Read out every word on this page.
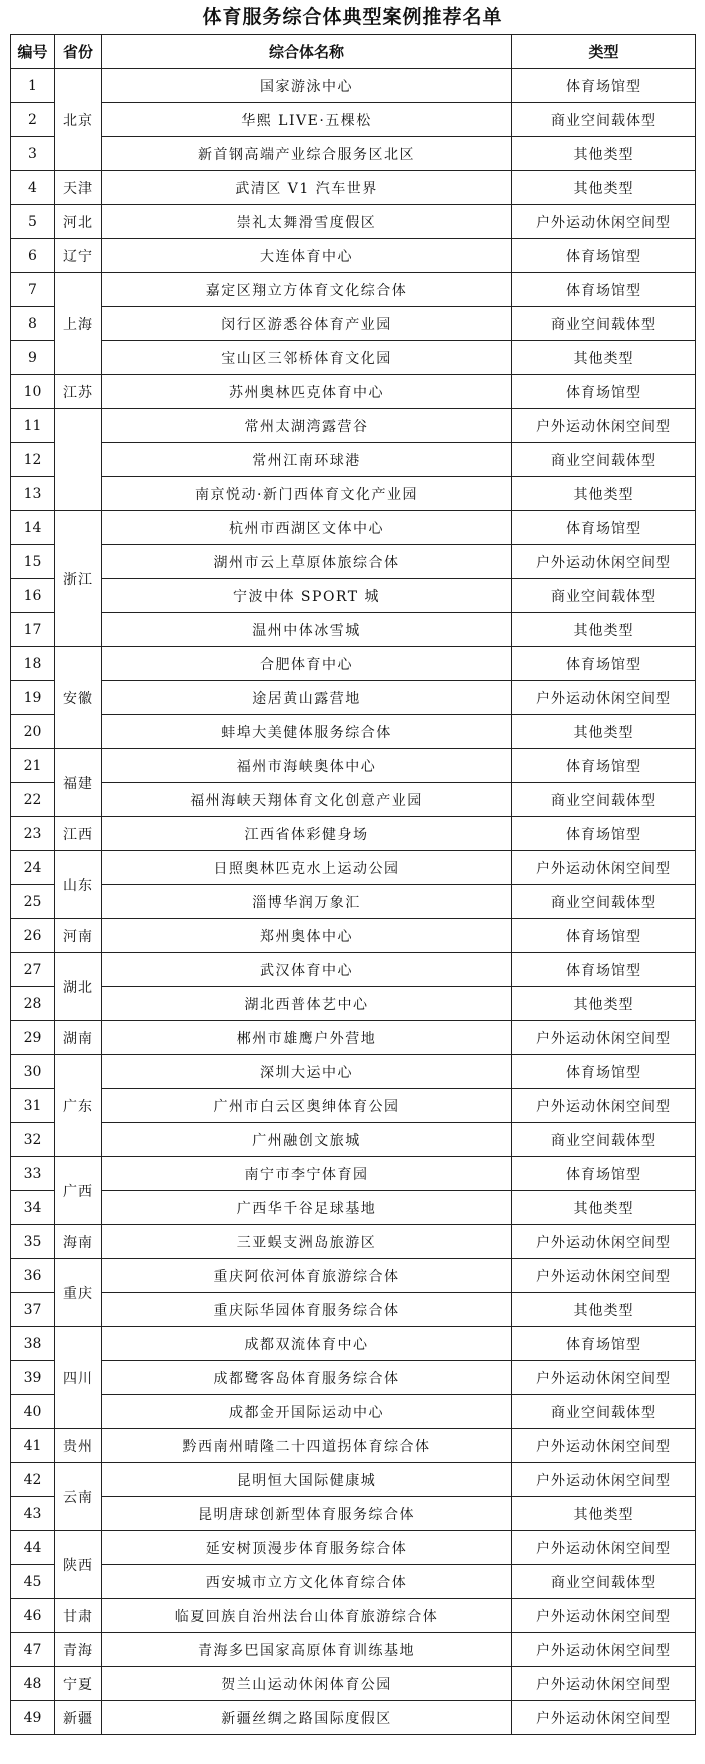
体育服务综合体典型案例推荐名单
编号	省份	综合体名称	类型
1	北京	国家游泳中心	体育场馆型
2		华熙 LIVE·五棵松	商业空间载体型
3		新首钢高端产业综合服务区北区	其他类型
4	天津	武清区 V1 汽车世界	其他类型
5	河北	崇礼太舞滑雪度假区	户外运动休闲空间型
6	辽宁	大连体育中心	体育场馆型
7	上海	嘉定区翔立方体育文化综合体	体育场馆型
8		闵行区游悉谷体育产业园	商业空间载体型
9		宝山区三邻桥体育文化园	其他类型
10	江苏	苏州奥林匹克体育中心	体育场馆型
11		常州太湖湾露营谷	户外运动休闲空间型
12		常州江南环球港	商业空间载体型
13		南京悦动·新门西体育文化产业园	其他类型
14	浙江	杭州市西湖区文体中心	体育场馆型
15		湖州市云上草原体旅综合体	户外运动休闲空间型
16		宁波中体 SPORT 城	商业空间载体型
17		温州中体冰雪城	其他类型
18	安徽	合肥体育中心	体育场馆型
19		途居黄山露营地	户外运动休闲空间型
20		蚌埠大美健体服务综合体	其他类型
21	福建	福州市海峡奥体中心	体育场馆型
22		福州海峡天翔体育文化创意产业园	商业空间载体型
23	江西	江西省体彩健身场	体育场馆型
24	山东	日照奥林匹克水上运动公园	户外运动休闲空间型
25		淄博华润万象汇	商业空间载体型
26	河南	郑州奥体中心	体育场馆型
27	湖北	武汉体育中心	体育场馆型
28		湖北西普体艺中心	其他类型
29	湖南	郴州市雄鹰户外营地	户外运动休闲空间型
30	广东	深圳大运中心	体育场馆型
31		广州市白云区奥绅体育公园	户外运动休闲空间型
32		广州融创文旅城	商业空间载体型
33	广西	南宁市李宁体育园	体育场馆型
34		广西华千谷足球基地	其他类型
35	海南	三亚蜈支洲岛旅游区	户外运动休闲空间型
36	重庆	重庆阿依河体育旅游综合体	户外运动休闲空间型
37		重庆际华园体育服务综合体	其他类型
38	四川	成都双流体育中心	体育场馆型
39		成都鹭客岛体育服务综合体	户外运动休闲空间型
40		成都金开国际运动中心	商业空间载体型
41	贵州	黔西南州晴隆二十四道拐体育综合体	户外运动休闲空间型
42	云南	昆明恒大国际健康城	户外运动休闲空间型
43		昆明唐球创新型体育服务综合体	其他类型
44	陕西	延安树顶漫步体育服务综合体	户外运动休闲空间型
45		西安城市立方文化体育综合体	商业空间载体型
46	甘肃	临夏回族自治州法台山体育旅游综合体	户外运动休闲空间型
47	青海	青海多巴国家高原体育训练基地	户外运动休闲空间型
48	宁夏	贺兰山运动休闲体育公园	户外运动休闲空间型
49	新疆	新疆丝绸之路国际度假区	户外运动休闲空间型
